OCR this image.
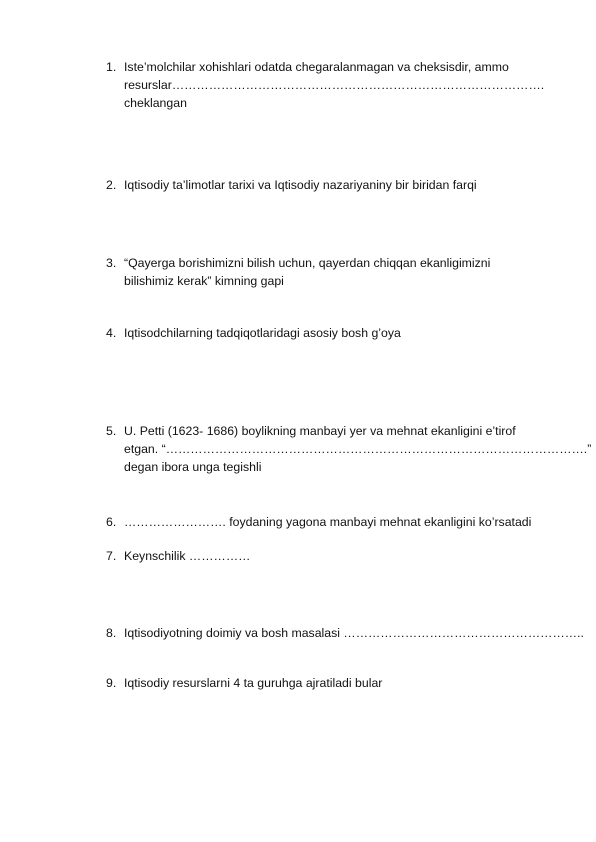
1. Iste’molchilar xohishlari odatda chegaralanmagan va cheksisdir, ammo
resurslar……………………………………………………………………………….
cheklangan
2. Iqtisodiy ta’limotlar tarixi va Iqtisodiy nazariyaniny bir biridan farqi
3. “Qayerga borishimizni bilish uchun, qayerdan chiqqan ekanligimizni
bilishimiz kerak” kimning gapi
4. Iqtisodchilarning tadqiqotlaridagi asosiy bosh g’oya
5. U. Petti (1623- 1686) boylikning manbayi yer va mehnat ekanligini e’tirof
etgan. “………………………………………………………………………………………….”
degan ibora unga tegishli
6. ……………………. foydaning yagona manbayi mehnat ekanligini ko’rsatadi
7. Keynschilik ……………
8. Iqtisodiyotning doimiy va bosh masalasi …………………………………………………..
9. Iqtisodiy resurslarni 4 ta guruhga ajratiladi bular
